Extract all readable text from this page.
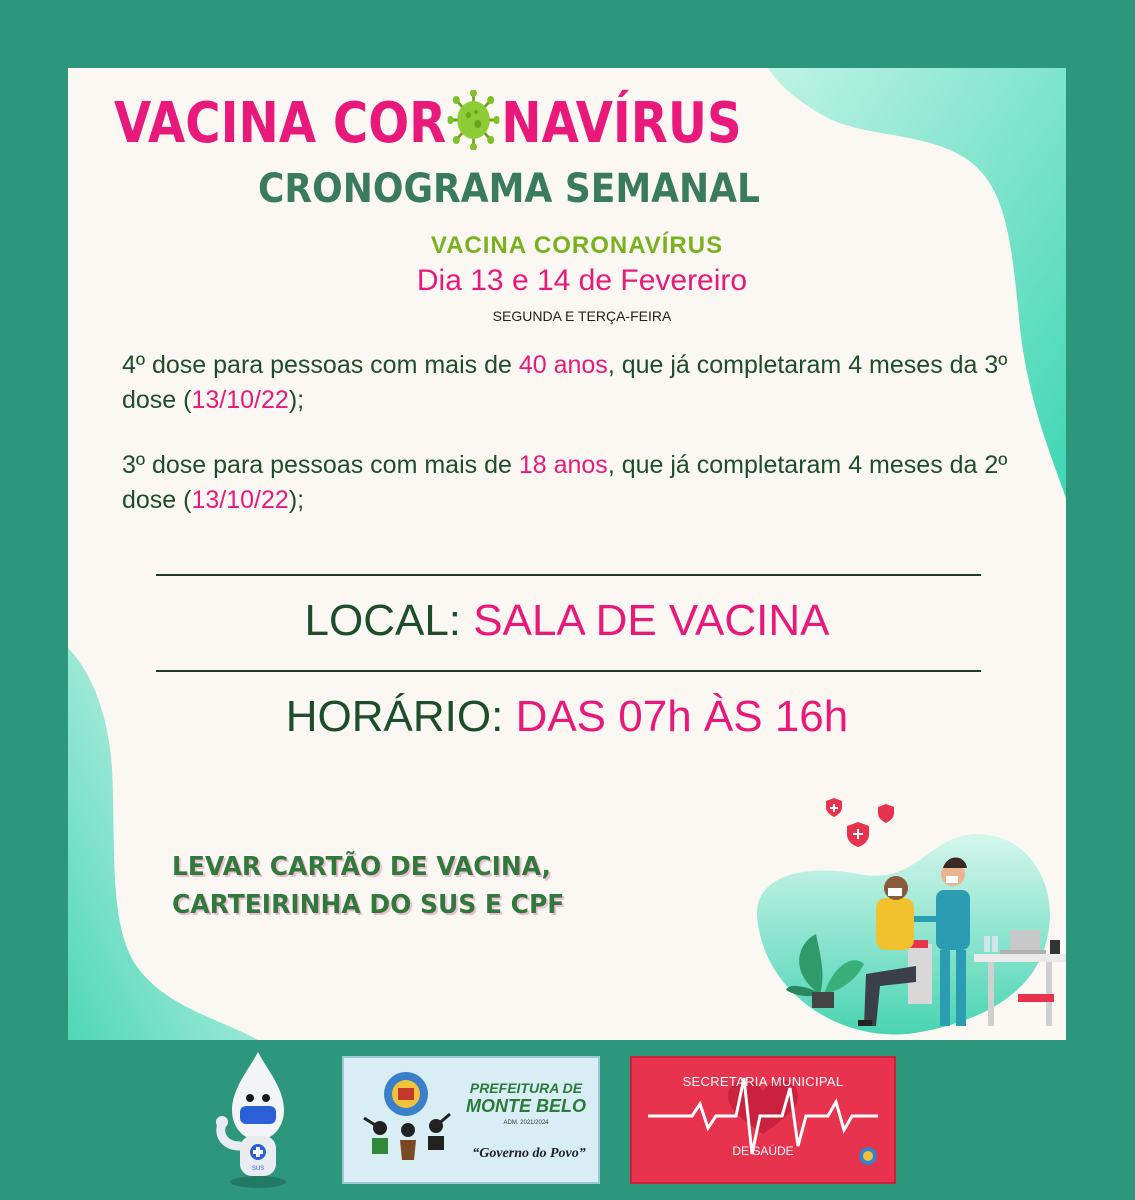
VACINA COR NAVÍRUS
CRONOGRAMA SEMANAL
VACINA CORONAVÍRUS
Dia 13 e 14 de Fevereiro
SEGUNDA E TERÇA-FEIRA

4º dose para pessoas com mais de 40 anos, que já completaram 4 meses da 3º dose (13/10/22);

3º dose para pessoas com mais de 18 anos, que já completaram 4 meses da 2º dose (13/10/22);

LOCAL: SALA DE VACINA
HORÁRIO: DAS 07h ÀS 16h

LEVAR CARTÃO DE VACINA,
CARTEIRINHA DO SUS E CPF

SUS
PREFEITURA DE
MONTE BELO
ADM. 2021/2024
“Governo do Povo”
SECRETARIA MUNICIPAL
DE SAÚDE
